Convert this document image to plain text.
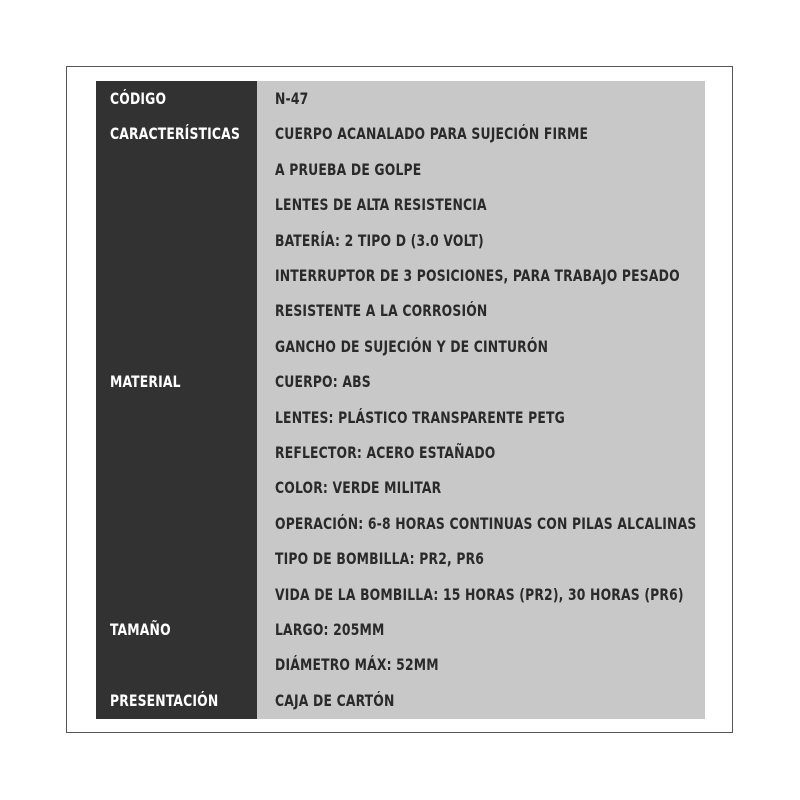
CÓDIGO
CARACTERÍSTICAS
MATERIAL
TAMAÑO
PRESENTACIÓN
N-47
CUERPO ACANALADO PARA SUJECIÓN FIRME
A PRUEBA DE GOLPE
LENTES DE ALTA RESISTENCIA
BATERÍA: 2 TIPO D (3.0 VOLT)
INTERRUPTOR DE 3 POSICIONES, PARA TRABAJO PESADO
RESISTENTE A LA CORROSIÓN
GANCHO DE SUJECIÓN Y DE CINTURÓN
CUERPO: ABS
LENTES: PLÁSTICO TRANSPARENTE PETG
REFLECTOR: ACERO ESTAÑADO
COLOR: VERDE MILITAR
OPERACIÓN: 6-8 HORAS CONTINUAS CON PILAS ALCALINAS
TIPO DE BOMBILLA: PR2, PR6
VIDA DE LA BOMBILLA: 15 HORAS (PR2), 30 HORAS (PR6)
LARGO: 205MM
DIÁMETRO MÁX: 52MM
CAJA DE CARTÓN
